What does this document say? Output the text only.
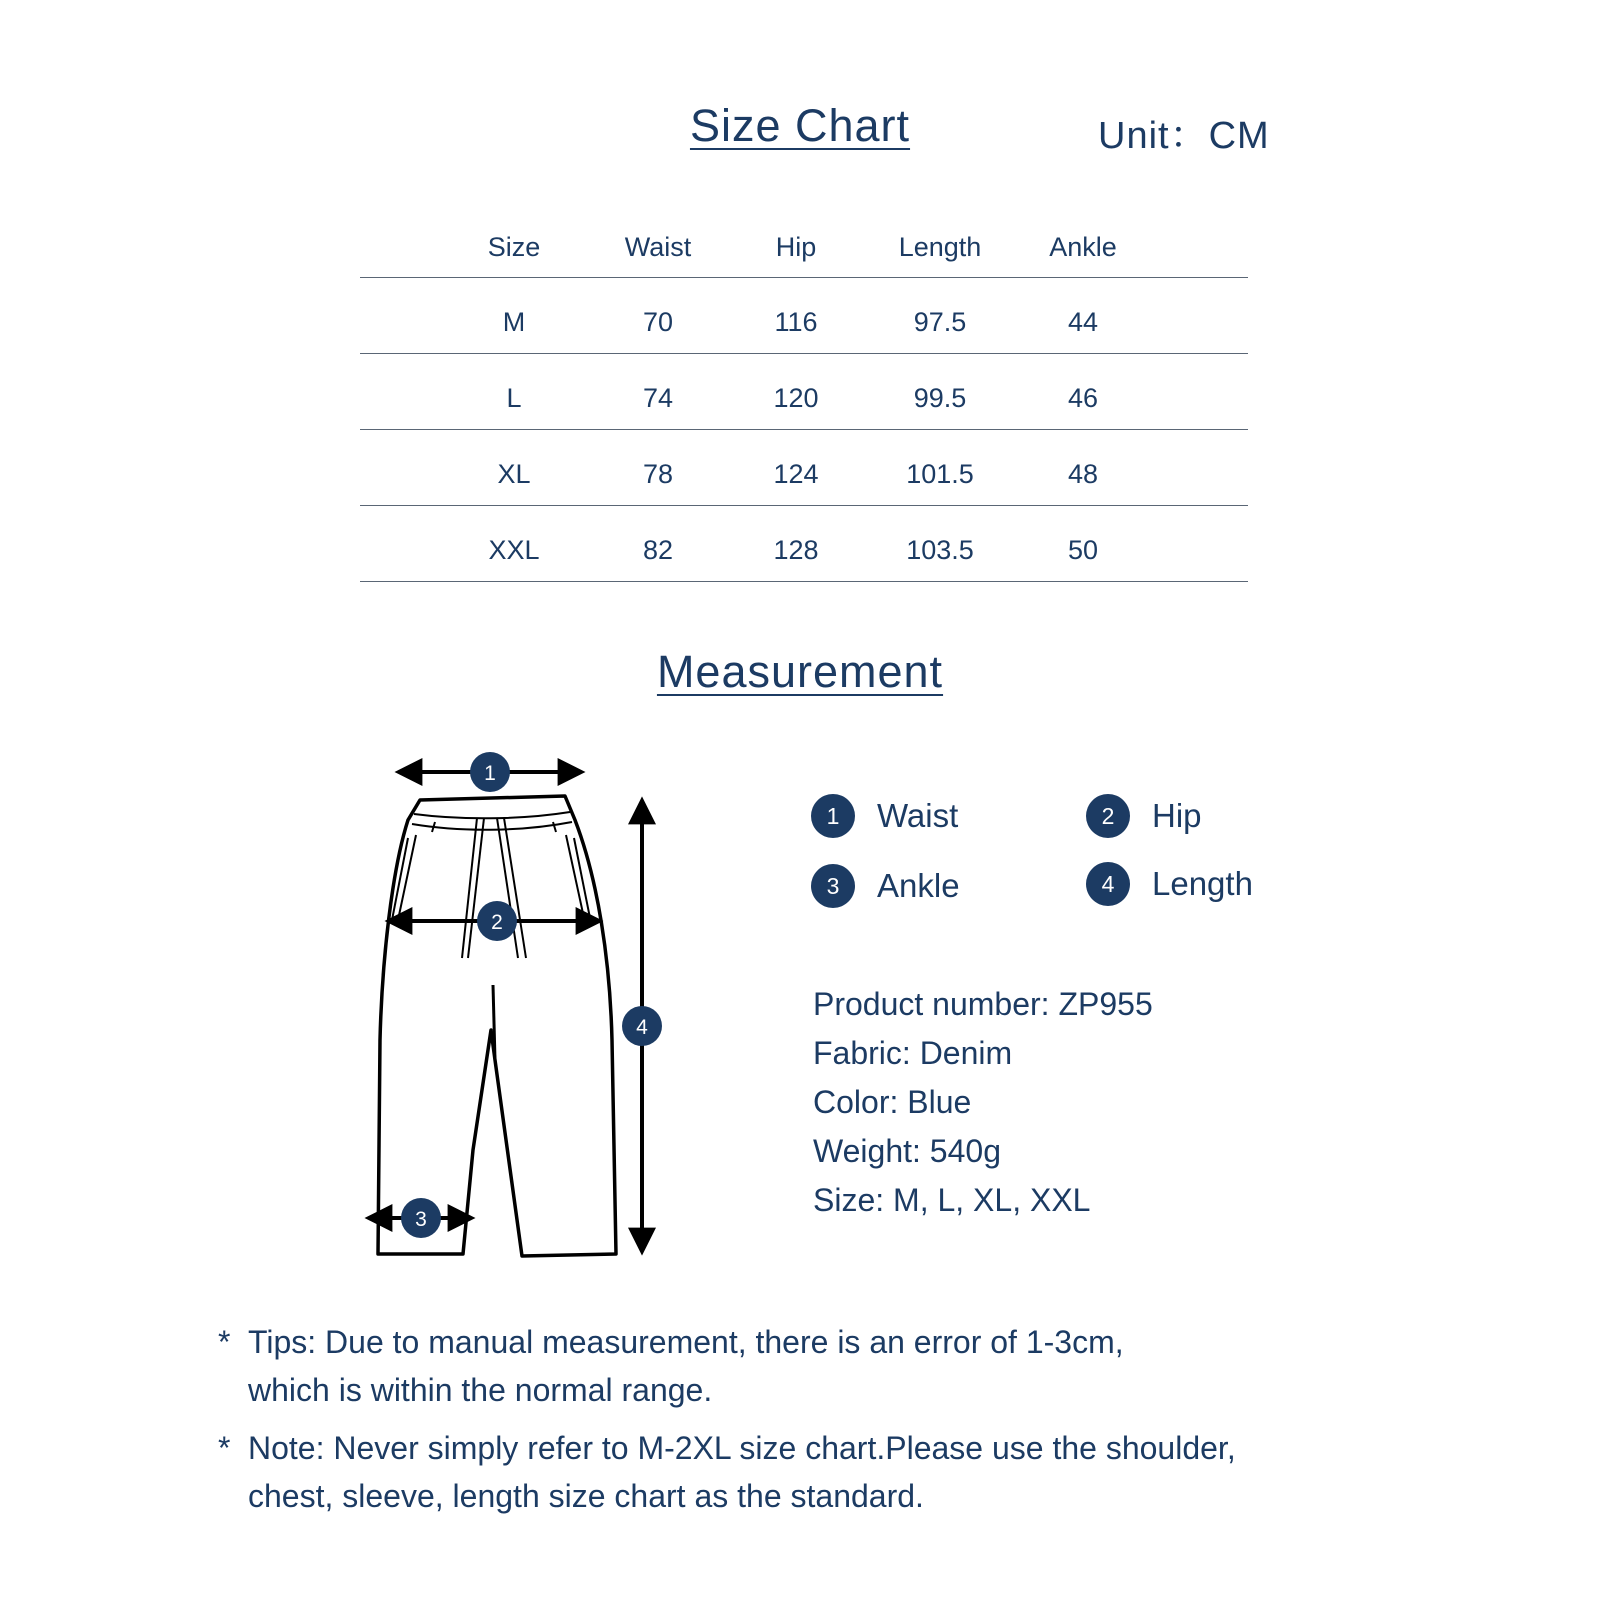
Size Chart	Unit：CM
Size	Waist	Hip	Length	Ankle
M	70	116	97.5	44
L	74	120	99.5	46
XL	78	124	101.5	48
XXL	82	128	103.5	50
Measurement
1
2
3
4
1	Waist	2	Hip
3	Ankle	4	Length
Product number: ZP955
Fabric: Denim
Color: Blue
Weight: 540g
Size: M, L, XL, XXL
* Tips: Due to manual measurement, there is an error of 1-3cm,
which is within the normal range.
* Note: Never simply refer to M-2XL size chart.Please use the shoulder,
chest, sleeve, length size chart as the standard.
